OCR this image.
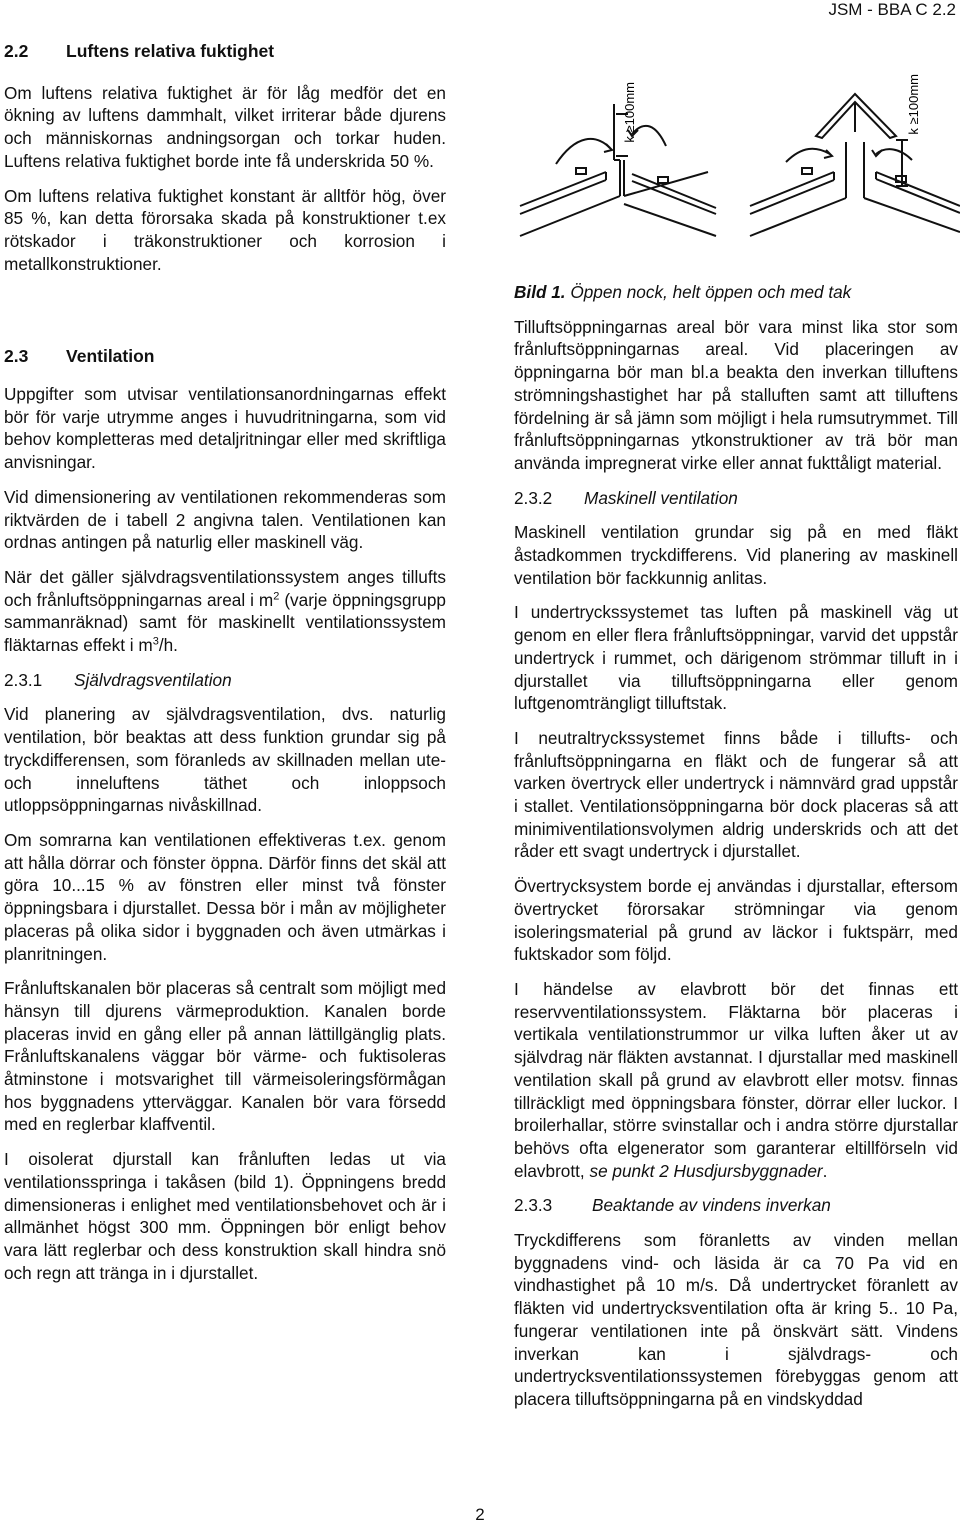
JSM - BBA C 2.2

2.2 Luftens relativa fuktighet

Om luftens relativa fuktighet är för låg medför det en ökning av luftens dammhalt, vilket irriterar både djurens och människornas andningsorgan och torkar huden. Luftens relativa fuktighet borde inte få underskrida 50 %.

Om luftens relativa fuktighet konstant är alltför hög, över 85 %, kan detta förorsaka skada på konstruktioner t.ex rötskador i träkonstruktioner och korrosion i metallkonstruktioner.

2.3 Ventilation

Uppgifter som utvisar ventilationsanordningarnas effekt bör för varje utrymme anges i huvudritningarna, som vid behov kompletteras med detaljritningar eller med skriftliga anvisningar.

Vid dimensionering av ventilationen rekommenderas som riktvärden de i tabell 2 angivna talen. Ventilationen kan ordnas antingen på naturlig eller maskinell väg.

När det gäller självdragsventilationssystem anges tillufts och frånluftsöppningarnas areal i $m^2$ (varje öppningsgrupp sammanräknad) samt för maskinellt ventilationssystem fläktarnas effekt i $m^3/h$.

2.3.1 Självdragsventilation

Vid planering av självdragsventilation, dvs. naturlig ventilation, bör beaktas att dess funktion grundar sig på tryckdifferensen, som föranleds av skillnaden mellan ute- och inneluftens täthet och inloppsoch utloppsöppningarnas nivåskillnad.

Om somrarna kan ventilationen effektiveras t.ex. genom att hålla dörrar och fönster öppna. Därför finns det skäl att göra 10...15 % av fönstren eller minst två fönster öppningsbara i djurstallet. Dessa bör i mån av möjligheter placeras på olika sidor i byggnaden och även utmärkas i planritningen.

Frånluftskanalen bör placeras så centralt som möjligt med hänsyn till djurens värmeproduktion. Kanalen borde placeras invid en gång eller på annan lättillgänglig plats. Frånluftskanalens väggar bör värme- och fuktisoleras åtminstone i motsvarighet till värmeisoleringsförmågan hos byggnadens ytterväggar. Kanalen bör vara försedd med en reglerbar klaffventil.

I oisolerat djurstall kan frånluften ledas ut via ventilationsspringa i takåsen (bild 1). Öppningens bredd dimensioneras i enlighet med ventilationsbehovet och är i allmänhet högst 300 mm. Öppningen bör enligt behov vara lätt reglerbar och dess konstruktion skall hindra snö och regn att tränga in i djurstallet.

k ≥100mm	k ≥100mm

Bild 1. Öppen nock, helt öppen och med tak

Tilluftsöppningarnas areal bör vara minst lika stor som frånluftsöppningarnas areal. Vid placeringen av öppningarna bör man bl.a beakta den inverkan tilluftens strömningshastighet har på stalluften samt att tilluftens fördelning är så jämn som möjligt i hela rumsutrymmet. Till frånluftsöppningarnas ytkonstruktioner av trä bör man använda impregnerat virke eller annat fukttåligt material.

2.3.2 Maskinell ventilation

Maskinell ventilation grundar sig på en med fläkt åstadkommen tryckdifferens. Vid planering av maskinell ventilation bör fackkunnig anlitas.

I undertryckssystemet tas luften på maskinell väg ut genom en eller flera frånluftsöppningar, varvid det uppstår undertryck i rummet, och därigenom strömmar tilluft in i djurstallet via tilluftsöppningarna eller genom luftgenomträngligt tilluftstak.

I neutraltryckssystemet finns både i tillufts- och frånluftsöppningarna en fläkt och de fungerar så att varken övertryck eller undertryck i nämnvärd grad uppstår i stallet. Ventilationsöppningarna bör dock placeras så att minimiventilationsvolymen aldrig underskrids och att det råder ett svagt undertryck i djurstallet.

Övertrycksystem borde ej användas i djurstallar, eftersom övertrycket förorsakar strömningar via genom isoleringsmaterial på grund av läckor i fuktspärr, med fuktskador som följd.

I händelse av elavbrott bör det finnas ett reservventilationssystem. Fläktarna bör placeras i vertikala ventilationstrummor ur vilka luften åker ut av självdrag när fläkten avstannat. I djurstallar med maskinell ventilation skall på grund av elavbrott eller motsv. finnas tillräckligt med öppningsbara fönster, dörrar eller luckor. I broilerhallar, större svinstallar och i andra större djurstallar behövs ofta elgenerator som garanterar eltillförseln vid elavbrott, se punkt 2 Husdjursbyggnader.

2.3.3 Beaktande av vindens inverkan

Tryckdifferens som föranletts av vinden mellan byggnadens vind- och läsida är ca 70 Pa vid en vindhastighet på 10 m/s. Då undertrycket föranlett av fläkten vid undertrycksventilation ofta är kring 5.. 10 Pa, fungerar ventilationen inte på önskvärt sätt. Vindens inverkan kan i självdrags- och undertrycksventilationssystemen förebyggas genom att placera tilluftsöppningarna på en vindskyddad

2
